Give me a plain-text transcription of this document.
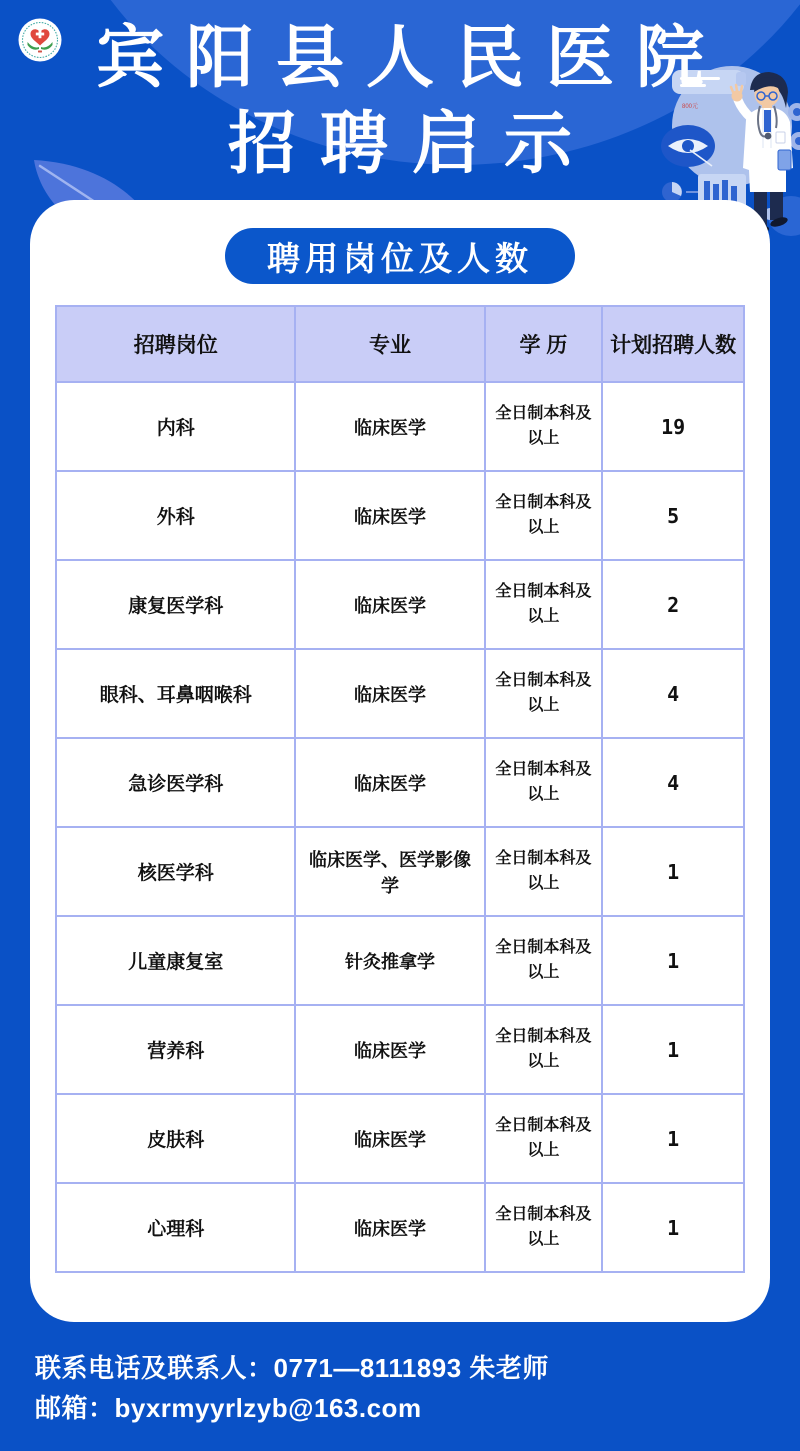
宾阳县人民医院
招聘启示	800元
聘用岗位及人数
招聘岗位	专业	学 历	计划招聘人数
内科	临床医学	全日制本科及以上	19
外科	临床医学	全日制本科及以上	5
康复医学科	临床医学	全日制本科及以上	2
眼科、耳鼻咽喉科	临床医学	全日制本科及以上	4
急诊医学科	临床医学	全日制本科及以上	4
核医学科	临床医学、医学影像学	全日制本科及以上	1
儿童康复室	针灸推拿学	全日制本科及以上	1
营养科	临床医学	全日制本科及以上	1
皮肤科	临床医学	全日制本科及以上	1
心理科	临床医学	全日制本科及以上	1
联系电话及联系人：0771—8111893 朱老师
邮箱：byxrmyyrlzyb@163.com
